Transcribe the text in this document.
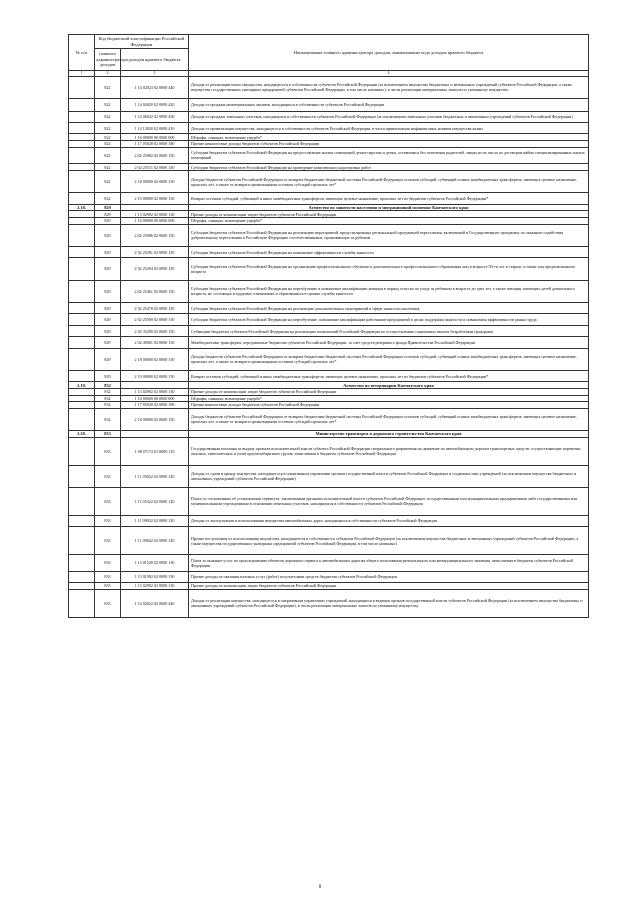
№ п/п	Код бюджетной классификации Российской Федерации		Наименование главного администратора доходов, наименование кода доходов краевого бюджета
	главного администратора доходов	доходов краевого бюджета	
1	2	3	4
	822	1 14 02023 02 0000 440	Доходы от реализации иного имущества, находящегося в собственности субъектов Российской Федерации (за исключением имущества бюджетных и автономных учреждений субъектов Российской Федерации, а также имущества государственных унитарных предприятий субъектов Российской Федерации, в том числе казенных), в части реализации материальных запасов по указанному имуществу
	822	1 14 04020 02 0000 420	Доходы от продажи нематериальных активов, находящихся в собственности субъектов Российской Федерации
	822	1 14 06022 02 0000 430	Доходы от продажи земельных участков, находящихся в собственности субъектов Российской Федерации (за исключением земельных участков бюджетных и автономных учреждений субъектов Российской Федерации)
	822	1 14 13020 02 0000 410	Доходы от приватизации имущества, находящегося в собственности субъектов Российской Федерации, в части приватизации нефинансовых активов имущества казны
	822	1 16 00000 00 0000 000	Штрафы, санкции, возмещение ущерба*
	822	1 17 05020 02 0000 180	Прочие неналоговые доходы бюджетов субъектов Российской Федерации
	822	2 02 25082 02 0000 150	Субсидии бюджетам субъектов Российской Федерации на предоставление жилых помещений детям-сиротам и детям, оставшимся без попечения родителей, лицам из их числа по договорам найма специализированных жилых помещений
	822	2 02 25511 02 0000 150	Субсидии бюджетам субъектов Российской Федерации на проведение комплексных кадастровых работ
	822	2 18 00000 02 0000 150	Доходы бюджетов субъектов Российской Федерации от возврата бюджетами бюджетной системы Российской Федерации остатков субсидий, субвенций и иных межбюджетных трансфертов, имеющих целевое назначение, прошлых лет, а также от возврата организациями остатков субсидий прошлых лет*
	822	2 19 00000 02 0000 150	Возврат остатков субсидий, субвенций и иных межбюджетных трансфертов, имеющих целевое назначение, прошлых лет из бюджетов субъектов Российской Федерации*
2.18.	829		Агентство по занятости населения и миграционной политике Камчатского края
	829	1 13 02992 02 0000 130	Прочие доходы от компенсации затрат бюджетов субъектов Российской Федерации
	829	1 16 00000 00 0000 000	Штрафы, санкции, возмещение ущерба*
	829	2 02 25086 02 0000 150	Субсидии бюджетам субъектов Российской Федерации на реализацию мероприятий, предусмотренных региональной программой переселения, включенной в Государственную программу по оказанию содействия добровольному переселению в Российскую Федерацию соотечественников, проживающих за рубежом
	829	2 02 25291 02 0000 150	Субсидии бюджетам субъектов Российской Федерации на повышение эффективности службы занятости
	829	2 02 25294 02 0000 150	Субсидии бюджетам субъектов Российской Федерации на организацию профессионального обучения и дополнительного профессионального образования лиц в возрасте 50-ти лет и старше, а также лиц предпенсионного возраста
	829	2 02 25461 02 0000 150	Субсидии бюджетам субъектов Российской Федерации на переобучение и повышение квалификации женщин в период отпуска по уходу за ребенком в возрасте до трех лет, а также женщин, имеющих детей дошкольного возраста, не состоящих в трудовых отношениях и обратившихся в органы службы занятости
	829	2 02 25478 02 0000 150	Субсидии бюджетам субъектов Российской Федерации на реализацию дополнительных мероприятий в сфере занятости населения
	829	2 02 25569 02 0000 150	Субсидии бюджетам субъектов Российской Федерации на переобучение, повышение квалификации работников предприятий в целях поддержки занятости и повышения эффективности рынка труда
	829	2 02 35290 02 0000 150	Субвенции бюджетам субъектов Российской Федерации на реализацию полномочий Российской Федерации по осуществлению социальных выплат безработным гражданам
	829	2 02 49001 02 0000 150	Межбюджетные трансферты, передаваемые бюджетам субъектов Российской Федерации, за счет средств резервного фонда Правительства Российской Федерации
	829	2 18 00000 02 0000 150	Доходы бюджетов субъектов Российской Федерации от возврата бюджетами бюджетной системы Российской Федерации остатков субсидий, субвенций и иных межбюджетных трансфертов, имеющих целевое назначение, прошлых лет, а также от возврата организациями остатков субсидий прошлых лет*
	829	2 19 00000 02 0000 150	Возврат остатков субсидий, субвенций и иных межбюджетных трансфертов, имеющих целевое назначение, прошлых лет из бюджетов субъектов Российской Федерации*
2.19.	832		Агентство по ветеринарии Камчатского края
	832	1 13 02992 02 0000 130	Прочие доходы от компенсации затрат бюджетов субъектов Российской Федерации
	832	1 16 00000 00 0000 000	Штрафы, санкции, возмещение ущерба*
	832	1 17 05020 02 0000 180	Прочие неналоговые доходы бюджетов субъектов Российской Федерации
	832	2 18 00000 02 0000 150	Доходы бюджетов субъектов Российской Федерации от возврата бюджетами бюджетной системы Российской Федерации остатков субсидий, субвенций и иных межбюджетных трансфертов, имеющих целевое назначение, прошлых лет, а также от возврата организациями остатков субсидий прошлых лет*
2.20.	833		Министерство транспорта и дорожного строительства Камчатского края
	833	1 08 07172 01 0000 110	Государственная пошлина за выдачу органом исполнительной власти субъекта Российской Федерации специального разрешения на движение по автомобильным дорогам транспортных средств, осуществляющих перевозки опасных, тяжеловесных и (или) крупногабаритных грузов, зачисляемая в бюджеты субъектов Российской Федерации
	833	1 11 05032 02 0000 120	Доходы от сдачи в аренду имущества, находящегося в оперативном управлении органов государственной власти субъектов Российской Федерации и созданных ими учреждений (за исключением имущества бюджетных и автономных учреждений субъектов Российской Федерации)
	833	1 11 05322 02 0000 120	Плата по соглашениям об установлении сервитута, заключенным органами исполнительной власти субъектов Российской Федерации, государственными или муниципальными предприятиями либо государственными или муниципальными учреждениями в отношении земельных участков, находящихся в собственности субъектов Российской Федерации
	833	1 11 09032 02 0000 120	Доходы от эксплуатации и использования имущества автомобильных дорог, находящихся в собственности субъектов Российской Федерации
	833	1 11 09042 02 0000 120	Прочие поступления от использования имущества, находящегося в собственности субъектов Российской Федерации (за исключением имущества бюджетных и автономных учреждений субъектов Российской Федерации, а также имущества государственных унитарных предприятий субъектов Российской Федерации, в том числе казенных)
	833	1 13 01520 02 0000 130	Плата за оказание услуг по присоединению объектов дорожного сервиса к автомобильным дорогам общего пользования регионального или межмуниципального значения, зачисляемая в бюджеты субъектов Российской Федерации
	833	1 13 01992 02 0000 130	Прочие доходы от оказания платных услуг (работ) получателями средств бюджетов субъектов Российской Федерации
	833	1 13 02992 02 0000 130	Прочие доходы от компенсации затрат бюджетов субъектов Российской Федерации
	833	1 14 02022 02 0000 440	Доходы от реализации имущества, находящегося в оперативном управлении учреждений, находящихся в ведении органов государственной власти субъектов Российской Федерации (за исключением имущества бюджетных и автономных учреждений субъектов Российской Федерации), в части реализации материальных запасов по указанному имуществу
8
